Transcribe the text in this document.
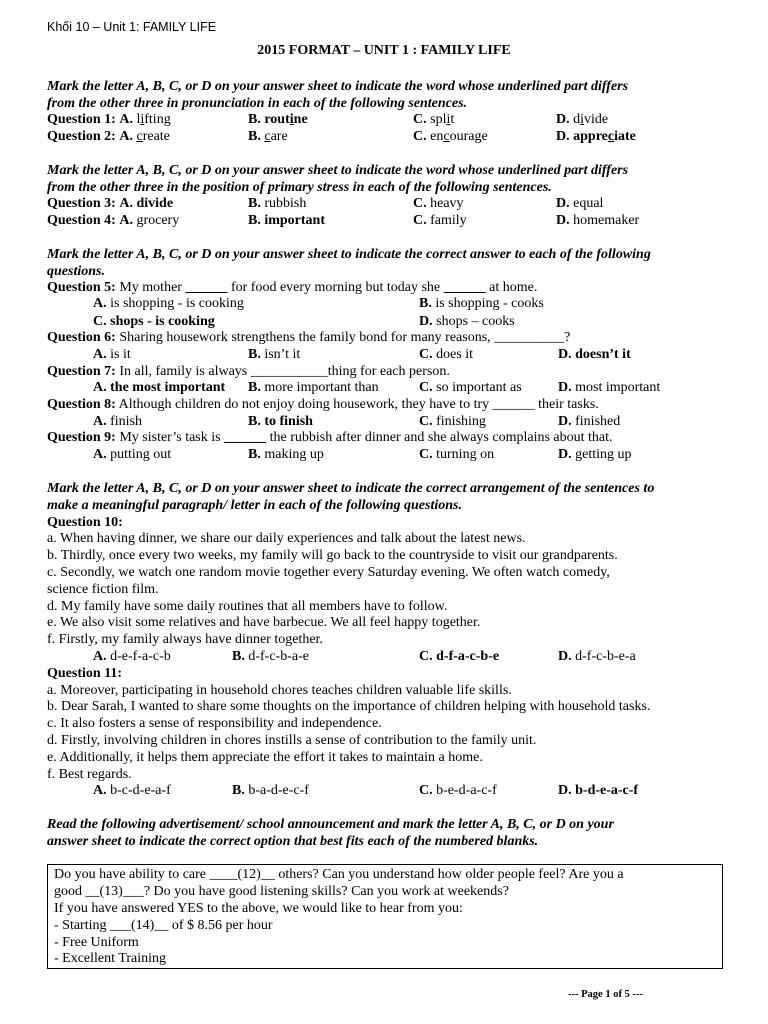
Khối 10 – Unit 1: FAMILY LIFE
2015 FORMAT – UNIT 1 : FAMILY LIFE
Mark the letter A, B, C, or D on your answer sheet to indicate the word whose underlined part differs
from the other three in pronunciation in each of the following sentences.
Question 1: A. lifting	B. routine	C. split	D. divide
Question 2: A. create	B. care	C. encourage	D. appreciate
Mark the letter A, B, C, or D on your answer sheet to indicate the word whose underlined part differs
from the other three in the position of primary stress in each of the following sentences.
Question 3: A. divide	B. rubbish	C. heavy	D. equal
Question 4: A. grocery	B. important	C. family	D. homemaker
Mark the letter A, B, C, or D on your answer sheet to indicate the correct answer to each of the following
questions.
Question 5: My mother ______ for food every morning but today she ______ at home.
A. is shopping - is cooking	B. is shopping - cooks
C. shops - is cooking	D. shops – cooks
Question 6: Sharing housework strengthens the family bond for many reasons, __________?
A. is it	B. isn’t it	C. does it	D. doesn’t it
Question 7: In all, family is always ___________thing for each person.
A. the most important B. more important than	C. so important as	D. most important
Question 8: Although children do not enjoy doing housework, they have to try ______ their tasks.
A. finish	B. to finish	C. finishing	D. finished
Question 9: My sister’s task is ______ the rubbish after dinner and she always complains about that.
A. putting out	B. making up	C. turning on	D. getting up
Mark the letter A, B, C, or D on your answer sheet to indicate the correct arrangement of the sentences to
make a meaningful paragraph/ letter in each of the following questions.
Question 10:
a. When having dinner, we share our daily experiences and talk about the latest news.
b. Thirdly, once every two weeks, my family will go back to the countryside to visit our grandparents.
c. Secondly, we watch one random movie together every Saturday evening. We often watch comedy,
science fiction film.
d. My family have some daily routines that all members have to follow.
e. We also visit some relatives and have barbecue. We all feel happy together.
f. Firstly, my family always have dinner together.
A. d-e-f-a-c-b	B. d-f-c-b-a-e	C. d-f-a-c-b-e	D. d-f-c-b-e-a
Question 11:
a. Moreover, participating in household chores teaches children valuable life skills.
b. Dear Sarah, I wanted to share some thoughts on the importance of children helping with household tasks.
c. It also fosters a sense of responsibility and independence.
d. Firstly, involving children in chores instills a sense of contribution to the family unit.
e. Additionally, it helps them appreciate the effort it takes to maintain a home.
f. Best regards.
A. b-c-d-e-a-f	B. b-a-d-e-c-f	C. b-e-d-a-c-f	D. b-d-e-a-c-f
Read the following advertisement/ school announcement and mark the letter A, B, C, or D on your
answer sheet to indicate the correct option that best fits each of the numbered blanks.
Do you have ability to care ____(12)__ others? Can you understand how older people feel? Are you a
good __(13)___? Do you have good listening skills? Can you work at weekends?
If you have answered YES to the above, we would like to hear from you:
- Starting ___(14)__ of $ 8.56 per hour
- Free Uniform
- Excellent Training
--- Page 1 of 5 ---
